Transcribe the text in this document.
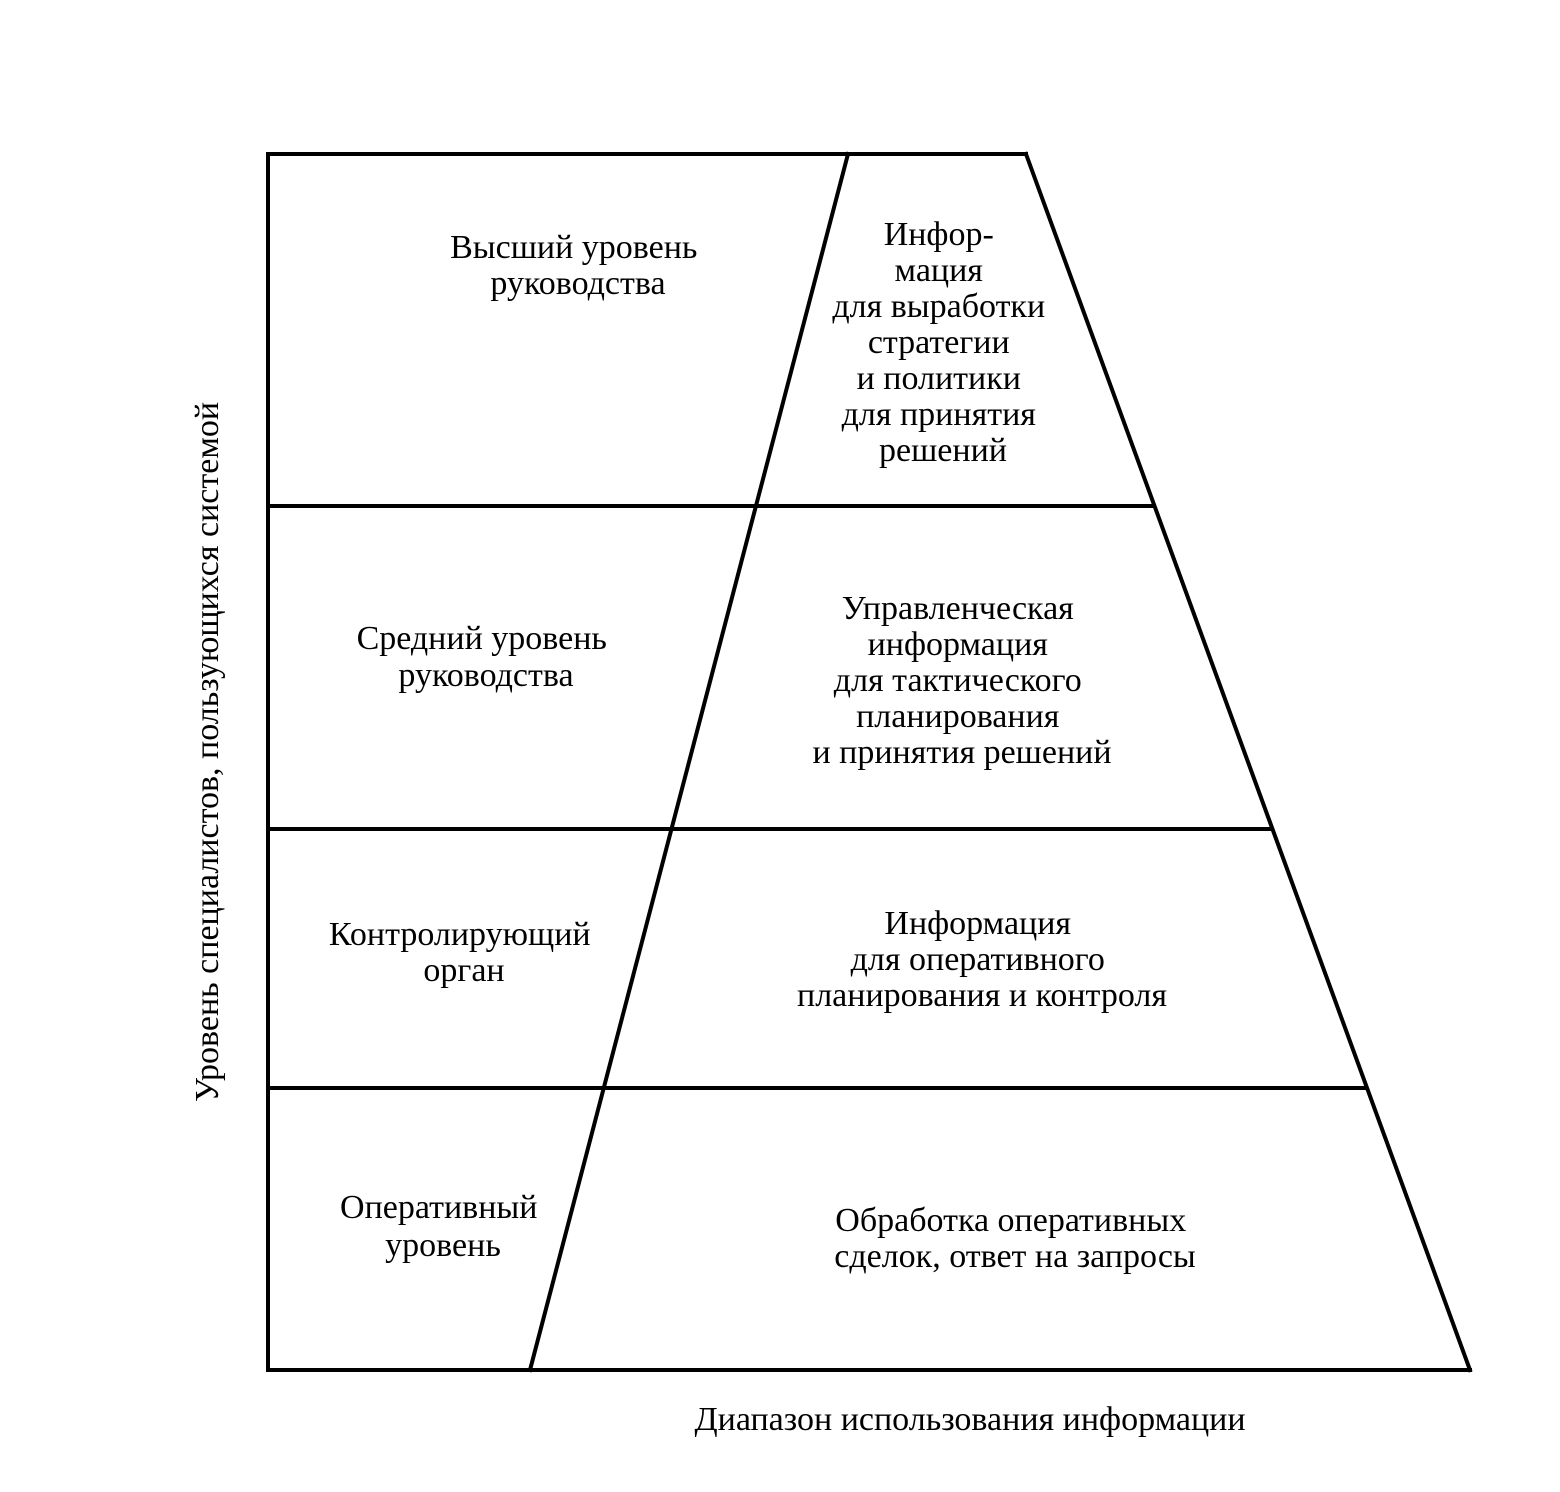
Уровень специалистов, пользующихся системой
Диапазон использования информации
Высший уровень руководства
Инфор- мация для выработки стратегии и политики для принятия решений
Средний уровень руководства
Управленческая информация для тактического планирования и принятия решений
Контролирующий орган
Информация для оперативного планирования и контроля
Оперативный уровень
Обработка оперативных сделок, ответ на запросы
